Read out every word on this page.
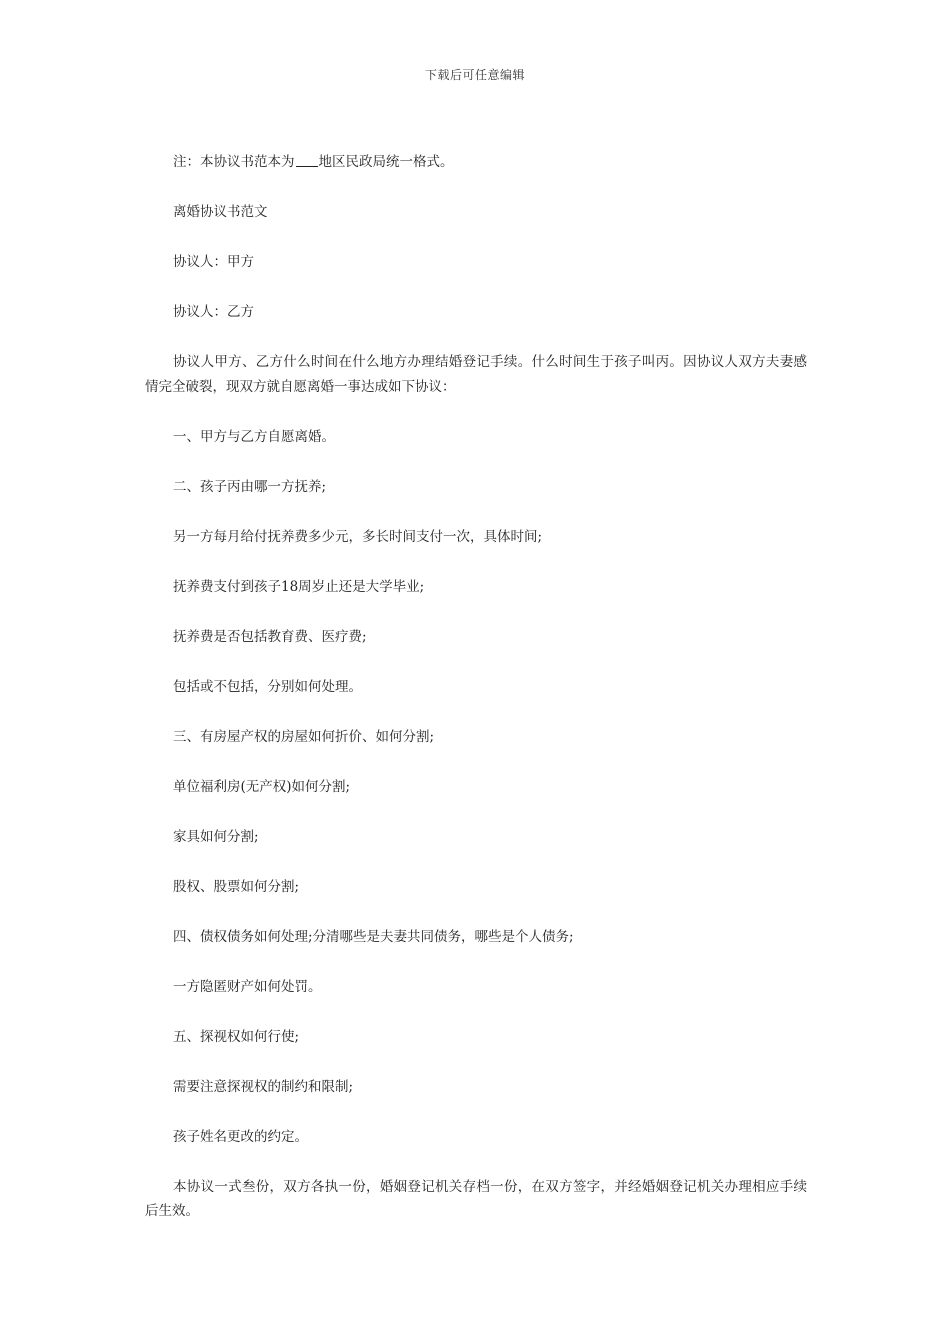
下载后可任意编辑

注：本协议书范本为 地区民政局统一格式。

离婚协议书范文

协议人：甲方

协议人：乙方

协议人甲方、乙方什么时间在什么地方办理结婚登记手续。什么时间生于孩子叫丙。因协议人双方夫妻感情完全破裂，现双方就自愿离婚一事达成如下协议：

一、甲方与乙方自愿离婚。

二、孩子丙由哪一方抚养;

另一方每月给付抚养费多少元，多长时间支付一次，具体时间;

抚养费支付到孩子18周岁止还是大学毕业;

抚养费是否包括教育费、医疗费;

包括或不包括，分别如何处理。

三、有房屋产权的房屋如何折价、如何分割;

单位福利房(无产权)如何分割;

家具如何分割;

股权、股票如何分割;

四、债权债务如何处理;分清哪些是夫妻共同债务，哪些是个人债务;

一方隐匿财产如何处罚。

五、探视权如何行使;

需要注意探视权的制约和限制;

孩子姓名更改的约定。

本协议一式叁份，双方各执一份，婚姻登记机关存档一份，在双方签字，并经婚姻登记机关办理相应手续后生效。
